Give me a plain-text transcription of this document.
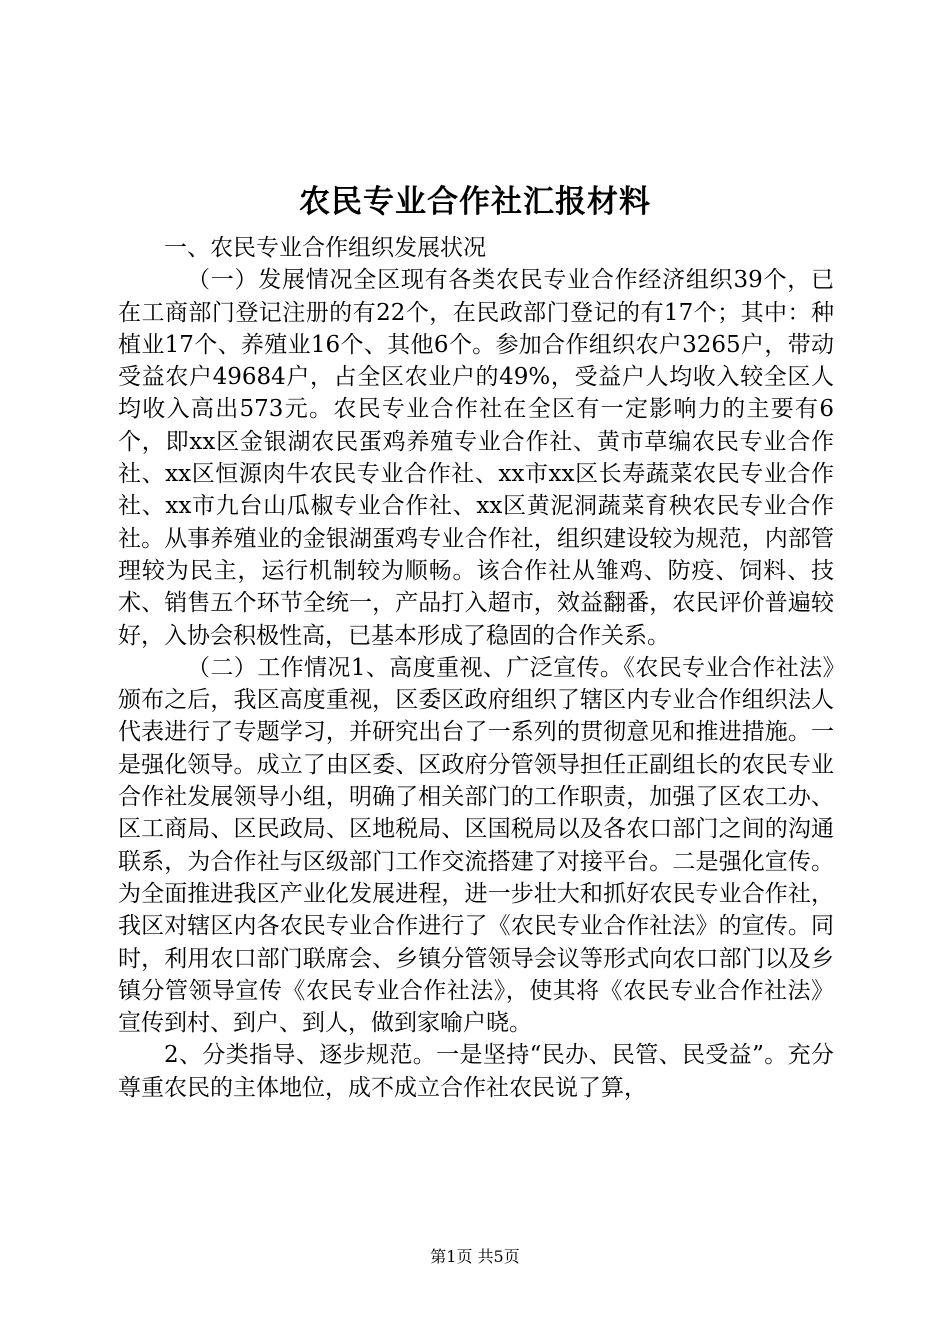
农民专业合作社汇报材料

一、农民专业合作组织发展状况

（一）发展情况全区现有各类农民专业合作经济组织39个，已在工商部门登记注册的有22个，在民政部门登记的有17个；其中：种植业17个、养殖业16个、其他6个。参加合作组织农户3265户，带动受益农户49684户，占全区农业户的49%，受益户人均收入较全区人均收入高出573元。农民专业合作社在全区有一定影响力的主要有6个，即xx区金银湖农民蛋鸡养殖专业合作社、黄市草编农民专业合作社、xx区恒源肉牛农民专业合作社、xx市xx区长寿蔬菜农民专业合作社、xx市九台山瓜椒专业合作社、xx区黄泥洞蔬菜育秧农民专业合作社。从事养殖业的金银湖蛋鸡专业合作社，组织建设较为规范，内部管理较为民主，运行机制较为顺畅。该合作社从雏鸡、防疫、饲料、技术、销售五个环节全统一，产品打入超市，效益翻番，农民评价普遍较好，入协会积极性高，已基本形成了稳固的合作关系。

（二）工作情况1、高度重视、广泛宣传。《农民专业合作社法》颁布之后，我区高度重视，区委区政府组织了辖区内专业合作组织法人代表进行了专题学习，并研究出台了一系列的贯彻意见和推进措施。一是强化领导。成立了由区委、区政府分管领导担任正副组长的农民专业合作社发展领导小组，明确了相关部门的工作职责，加强了区农工办、区工商局、区民政局、区地税局、区国税局以及各农口部门之间的沟通联系，为合作社与区级部门工作交流搭建了对接平台。二是强化宣传。为全面推进我区产业化发展进程，进一步壮大和抓好农民专业合作社，我区对辖区内各农民专业合作进行了《农民专业合作社法》的宣传。同时，利用农口部门联席会、乡镇分管领导会议等形式向农口部门以及乡镇分管领导宣传《农民专业合作社法》，使其将《农民专业合作社法》宣传到村、到户、到人，做到家喻户晓。

2、分类指导、逐步规范。一是坚持“民办、民管、民受益”。充分尊重农民的主体地位，成不成立合作社农民说了算，

第1页 共5页
